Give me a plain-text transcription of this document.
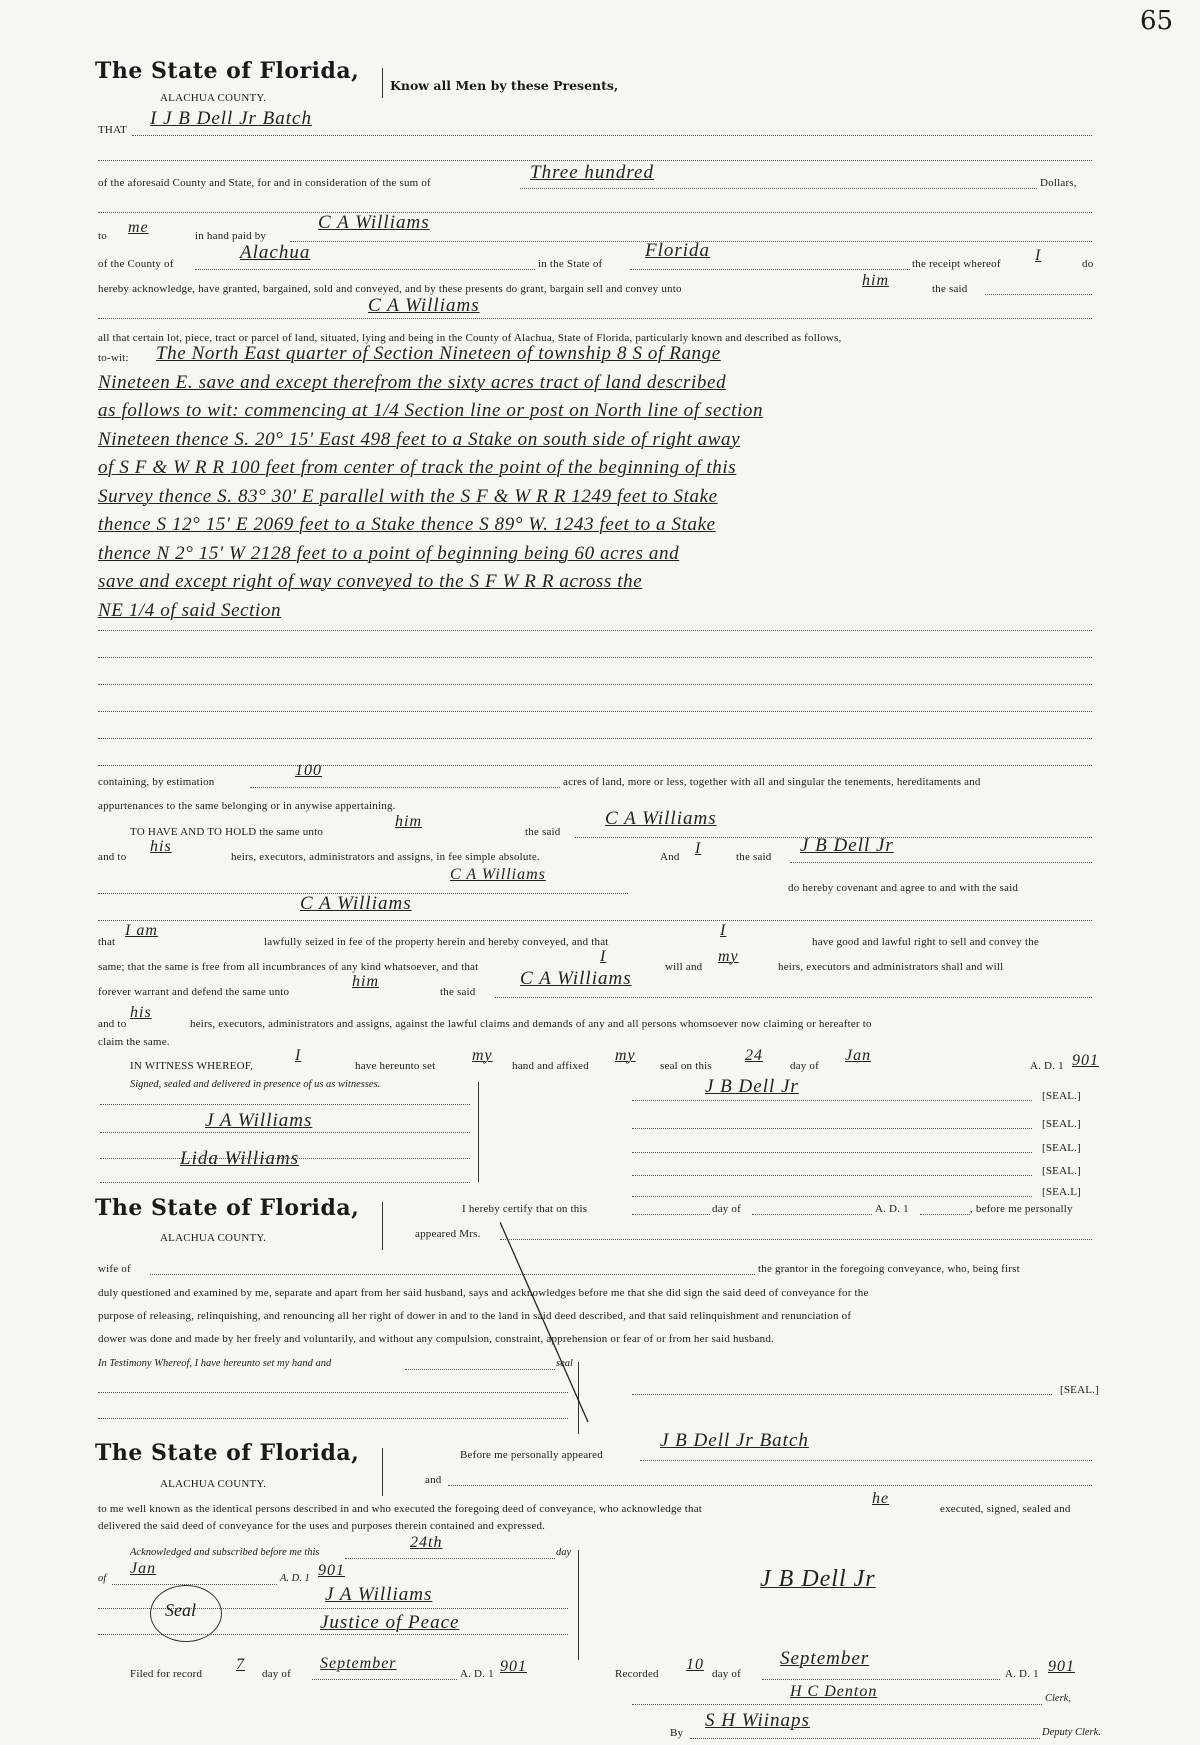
65
The State of Florida,
Know all Men by these Presents,
ALACHUA COUNTY.
THAT
I J B Dell Jr Batch
of the aforesaid County and State, for and in consideration of the sum of	Three hundred	Dollars,
to me	in hand paid by
C A Williams
of the County of
Alachua
in the State of
Florida
the receipt whereof I	do
hereby acknowledge, have granted, bargained, sold and conveyed, and by these presents do grant, bargain sell and convey unto	him	the said
C A Williams
all that certain lot, piece, tract or parcel of land, situated, lying and being in the County of Alachua, State of Florida, particularly known and described as follows,
to-wit:	The North East quarter of Section Nineteen of township 8 S of Range
Nineteen E. save and except therefrom the sixty acres tract of land described
as follows to wit: commencing at 1/4 Section line or post on North line of section
Nineteen thence S. 20° 15' East 498 feet to a Stake on south side of right away
of S F & W R R 100 feet from center of track the point of the beginning of this
Survey thence S. 83° 30' E parallel with the S F & W R R 1249 feet to Stake
thence S 12° 15' E 2069 feet to a Stake thence S 89° W. 1243 feet to a Stake
thence N 2° 15' W 2128 feet to a point of beginning being 60 acres and
save and except right of way conveyed to the S F W R R across the
NE 1/4 of said Section
containing, by estimation
100
acres of land, more or less, together with all and singular the tenements, hereditaments and
appurtenances to the same belonging or in anywise appertaining.
TO HAVE AND TO HOLD the same unto
him
the said
C A Williams
and to
his
heirs, executors, administrators and assigns, in fee simple absolute.	And I	the said
J B Dell Jr
C A Williams
do hereby covenant and agree to and with the said
C A Williams
that
I am
lawfully seized in fee of the property herein and hereby conveyed, and that
I
have good and lawful right to sell and convey the
same; that the same is free from all incumbrances of any kind whatsoever, and that
I
will and
my
heirs, executors and administrators shall and will
forever warrant and defend the same unto
him
the said
C A Williams
and to
his
heirs, executors, administrators and assigns, against the lawful claims and demands of any and all persons whomsoever now claiming or hereafter to
claim the same.
IN WITNESS WHEREOF,
I
have hereunto set
my
hand and affixed
my
seal on this
24
day of
Jan
A. D. 1 901
Signed, sealed and delivered in presence of us as witnesses.
J A Williams
Lida Williams
J B Dell Jr	[SEAL.]
[SEAL.]
[SEAL.]
[SEAL.]
[SEA.L]
The State of Florida,
ALACHUA COUNTY.
I hereby certify that on this	day of	A. D. 1	, before me personally
appeared Mrs.
wife of	the grantor in the foregoing conveyance, who, being first
duly questioned and examined by me, separate and apart from her said husband, says and acknowledges before me that she did sign the said deed of conveyance for the
purpose of releasing, relinquishing, and renouncing all her right of dower in and to the land in said deed described, and that said relinquishment and renunciation of
dower was done and made by her freely and voluntarily, and without any compulsion, constraint, apprehension or fear of or from her said husband.
In Testimony Whereof, I have hereunto set my hand and	seal
[SEAL.]
The State of Florida,
ALACHUA COUNTY.
Before me personally appeared
J B Dell Jr Batch
and
to me well known as the identical persons described in and who executed the foregoing deed of conveyance, who acknowledge that
he
executed, signed, sealed and
delivered the said deed of conveyance for the uses and purposes therein contained and expressed.
Acknowledged and subscribed before me this
24th
day
of
Jan
A. D. 1 901
J A Williams
Justice of Peace
Seal
J B Dell Jr
Filed for record
7
day of
September
A. D. 1 901	Recorded
10
day of
September
A. D. 1 901
H C Denton	Clerk,
By
S H Wiinaps
Deputy Clerk.
